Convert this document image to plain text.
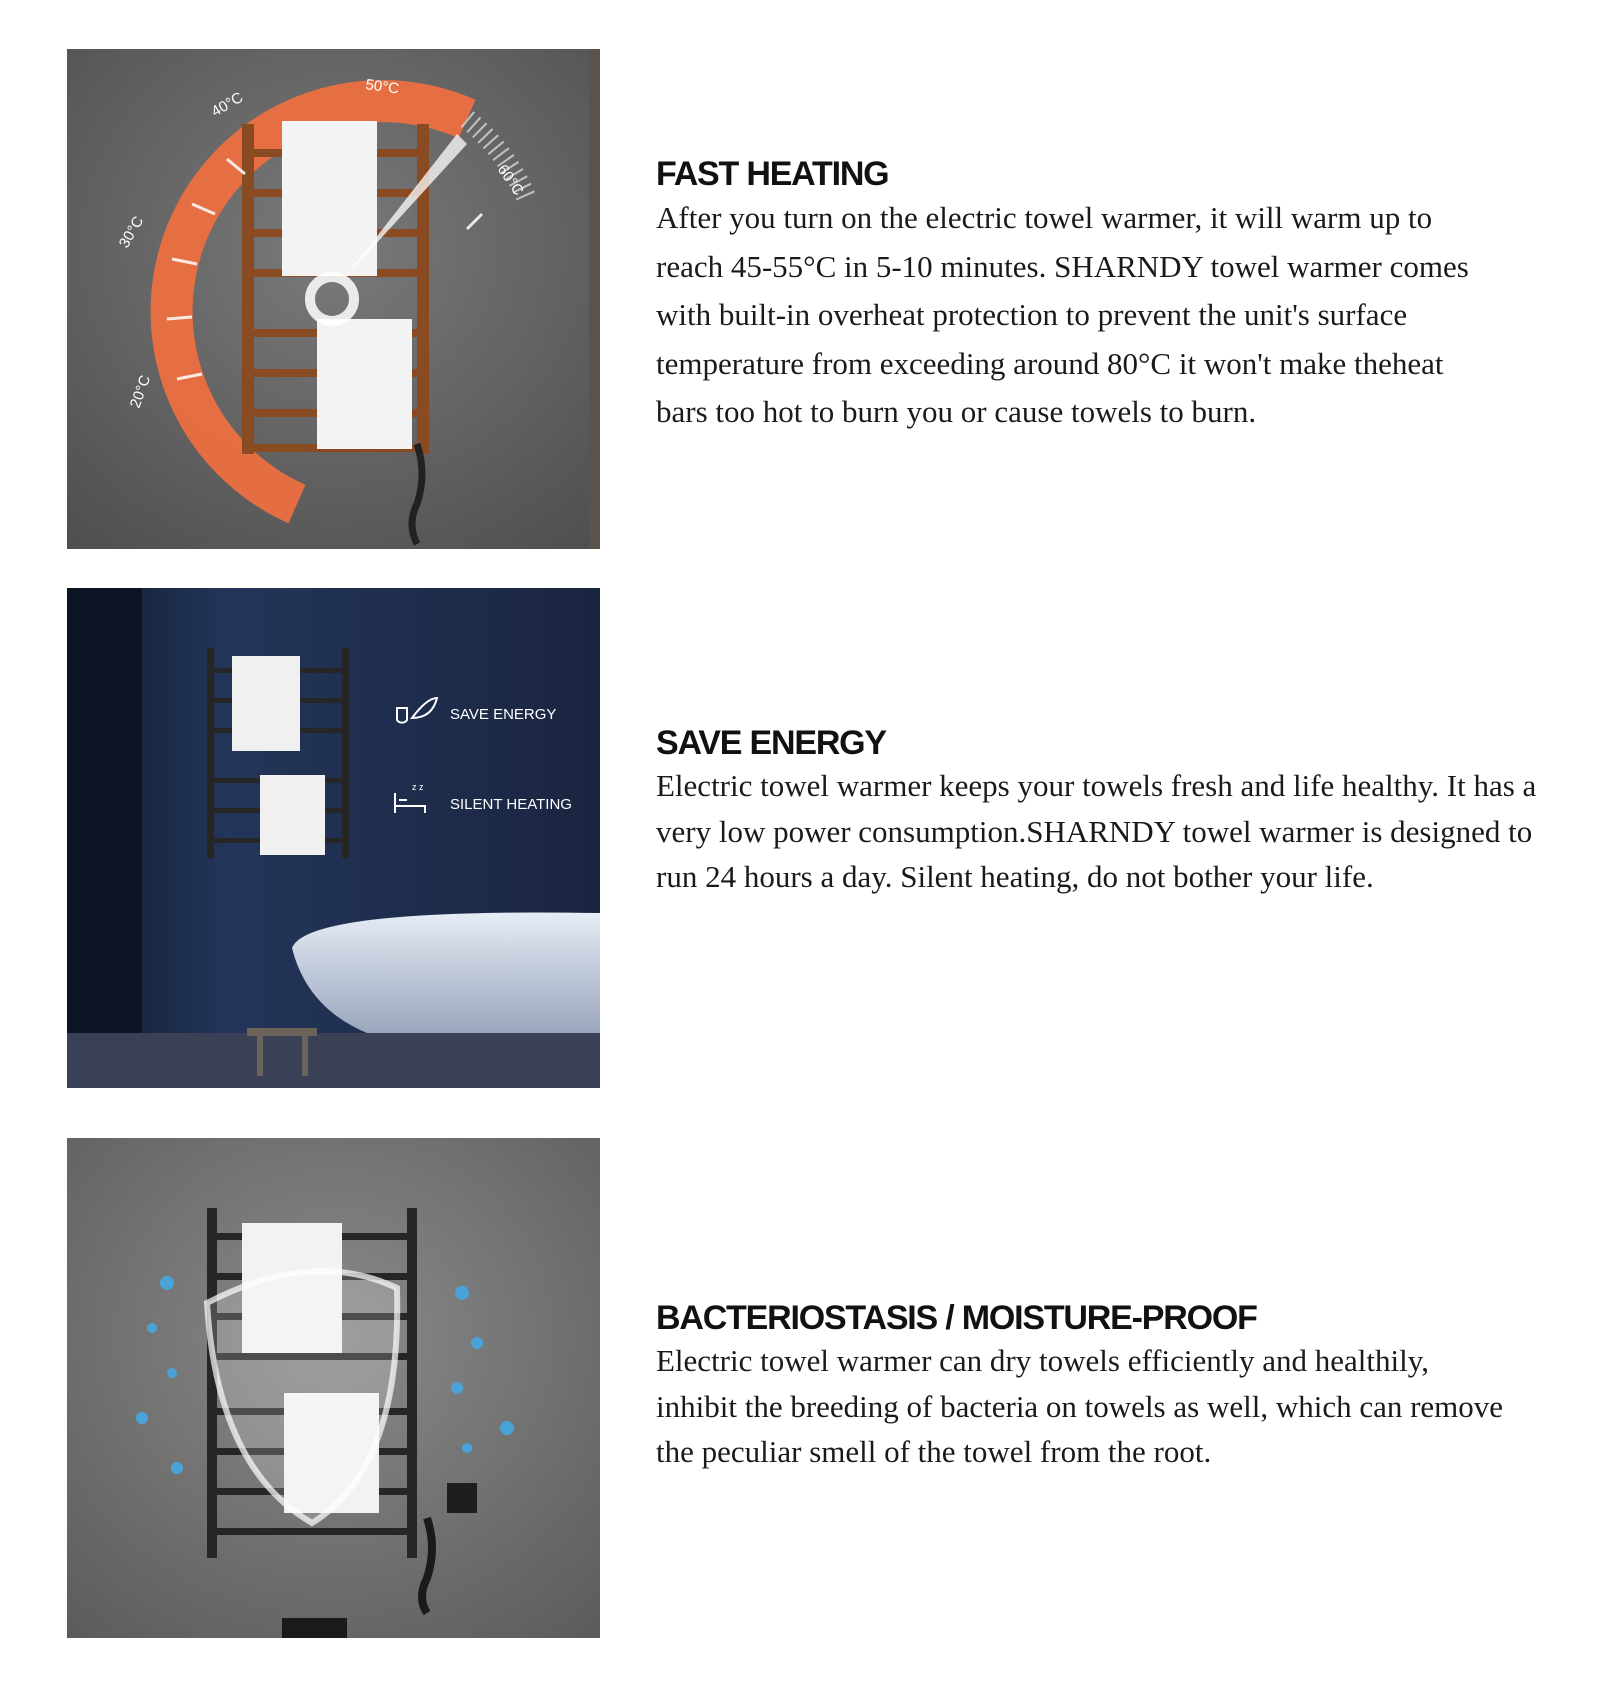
20°C
30°C
40°C
50°C
60°C	FAST HEATING

After you turn on the electric towel warmer, it will warm up to reach 45-55°C in 5-10 minutes. SHARNDY towel warmer comes with built-in overheat protection to prevent the unit's surface temperature from exceeding around 80°C it won't make theheat bars too hot to burn you or cause towels to burn.

SAVE ENERGY
z z
SILENT HEATING
SAVE ENERGY

Electric towel warmer keeps your towels fresh and life healthy. It has a very low power consumption.SHARNDY towel warmer is designed to run 24 hours a day. Silent heating, do not bother your life.

BACTERIOSTASIS / MOISTURE-PROOF

Electric towel warmer can dry towels efficiently and healthily, inhibit the breeding of bacteria on towels as well, which can remove the peculiar smell of the towel from the root.
